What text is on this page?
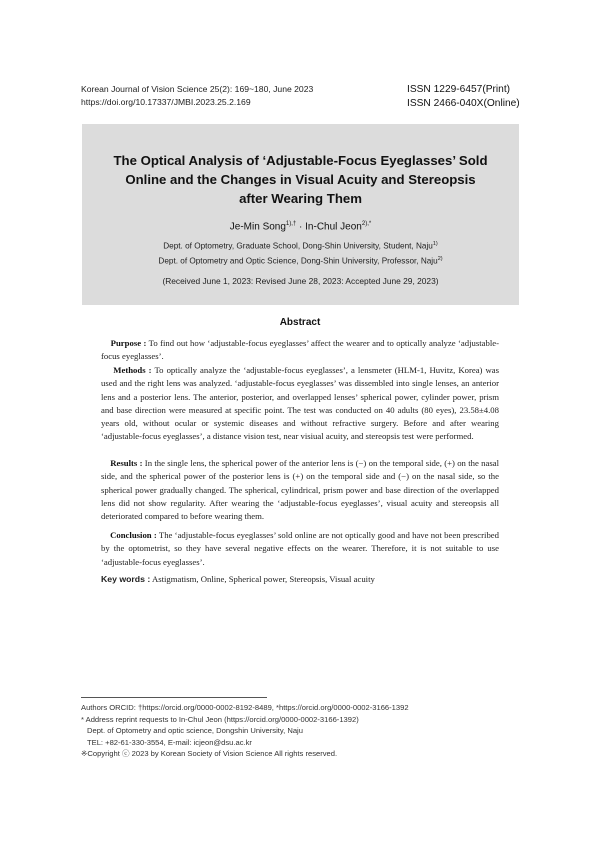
Korean Journal of Vision Science 25(2): 169~180, June 2023
https://doi.org/10.17337/JMBI.2023.25.2.169
ISSN 1229-6457(Print)
ISSN 2466-040X(Online)
The Optical Analysis of ‘Adjustable-Focus Eyeglasses’ Sold
Online and the Changes in Visual Acuity and Stereopsis
after Wearing Them
Je-Min Song$^{1),\dagger}$ · In-Chul Jeon$^{2),*}$
Dept. of Optometry, Graduate School, Dong-Shin University, Student, Naju$^{1)}$
Dept. of Optometry and Optic Science, Dong-Shin University, Professor, Naju$^{2)}$
(Received June 1, 2023: Revised June 28, 2023: Accepted June 29, 2023)
Abstract
Purpose : To find out how ‘adjustable-focus eyeglasses’ affect the wearer and to optically analyze ‘adjustable-focus eyeglasses’.
Methods : To optically analyze the ‘adjustable-focus eyeglasses’, a lensmeter (HLM-1, Huvitz, Korea) was used and the right lens was analyzed. ‘adjustable-focus eyeglasses’ was dissembled into single lenses, an anterior lens and a posterior lens. The anterior, posterior, and overlapped lenses’ spherical power, cylinder power, prism and base direction were measured at specific point. The test was conducted on 40 adults (80 eyes), 23.58±4.08 years old, without ocular or systemic diseases and without refractive surgery. Before and after wearing ‘adjustable-focus eyeglasses’, a distance vision test, near visiual acuity, and stereopsis test were performed.
Results : In the single lens, the spherical power of the anterior lens is (−) on the temporal side, (+) on the nasal side, and the spherical power of the posterior lens is (+) on the temporal side and (−) on the nasal side, so the spherical power gradually changed. The spherical, cylindrical, prism power and base direction of the overlapped lens did not show regularity. After wearing the ‘adjustable-focus eyeglasses’, visual acuity and stereopsis all deteriorated compared to before wearing them.
Conclusion : The ‘adjustable-focus eyeglasses’ sold online are not optically good and have not been prescribed by the optometrist, so they have several negative effects on the wearer. Therefore, it is not suitable to use ‘adjustable-focus eyeglasses’.
Key words : Astigmatism, Online, Spherical power, Stereopsis, Visual acuity
Authors ORCID: †https://orcid.org/0000-0002-8192-8489, *https://orcid.org/0000-0002-3166-1392
* Address reprint requests to In-Chul Jeon (https://orcid.org/0000-0002-3166-1392)
Dept. of Optometry and optic science, Dongshin University, Naju
TEL: +82-61-330-3554, E-mail: icjeon@dsu.ac.kr
※Copyright ⓒ 2023 by Korean Society of Vision Science All rights reserved.
